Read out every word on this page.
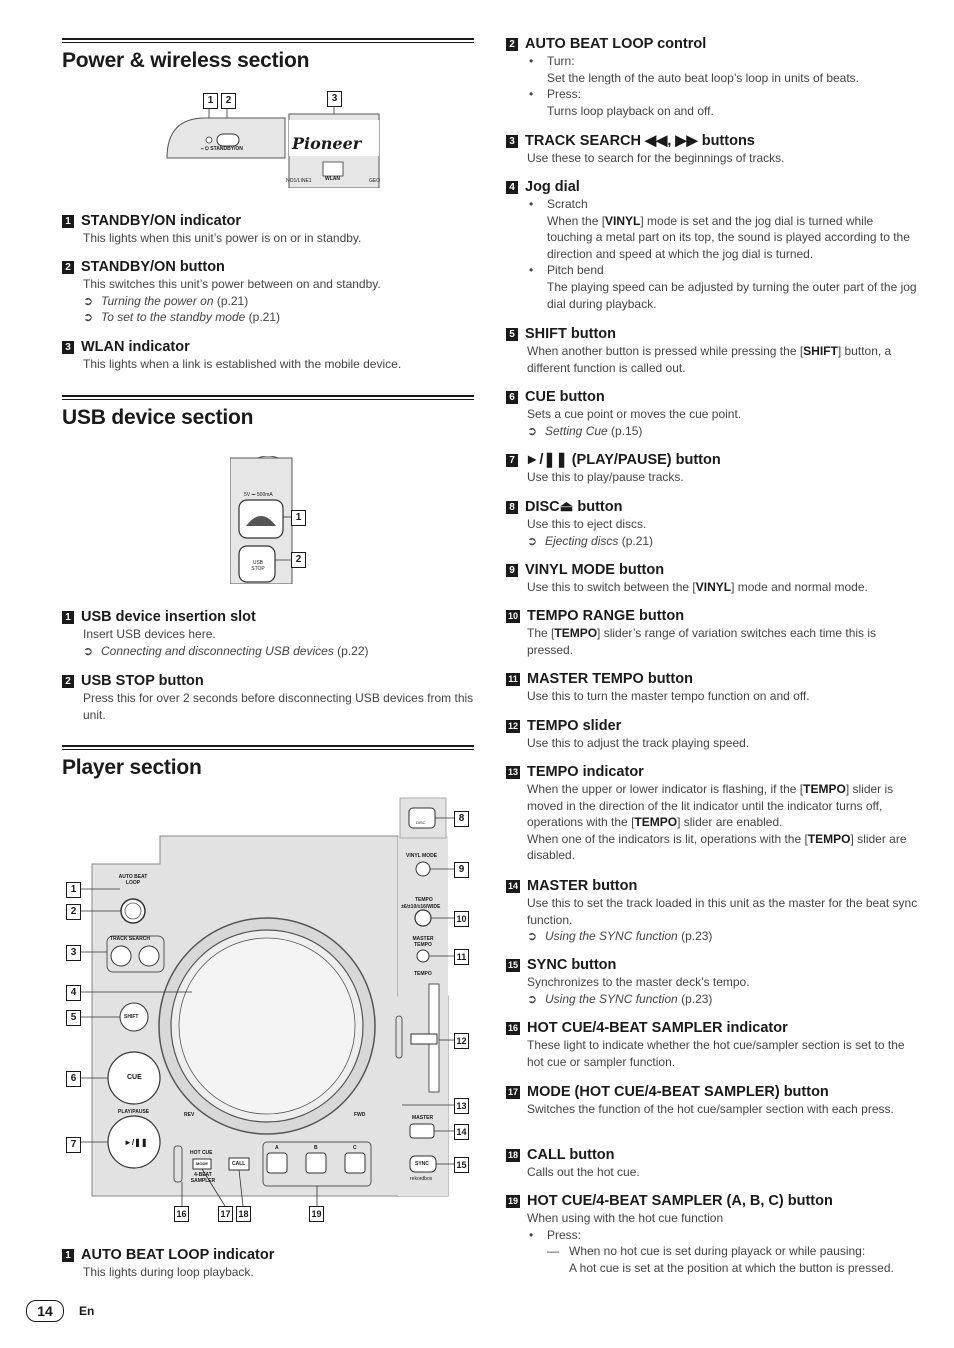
Power & wireless section
1	2	3
⎯ ⏻ STANDBY/ON	Pioneer
WLAN
NO1/LINE1	GEO
1 STANDBY/ON indicator
This lights when this unit’s power is on or in standby.
2 STANDBY/ON button
This switches this unit’s power between on and standby.
➲ Turning the power on (p.21)
➲ To set to the standby mode (p.21)
3 WLAN indicator
This lights when a link is established with the mobile device.
USB device section
5V ⎓ 500mA
USB STOP
1
2
1 USB device insertion slot
Insert USB devices here.
➲ Connecting and disconnecting USB devices (p.22)
2 USB STOP button
Press this for over 2 seconds before disconnecting USB devices from this unit.
Player section
AUTO BEAT LOOP
TRACK SEARCH
SHIFT
CUE
PLAY/PAUSE
►/❚❚
REV	FWD
HOT CUE
MODE
4-BEAT SAMPLER
CALL
A	B	C
VINYL MODE
TEMPO
±6/±10/±16/WIDE
MASTER TEMPO
TEMPO
MASTER
SYNC
rekordbox
DISC
1
2
3
4
5
6
7
8
9
10
11
12
13
14
15
16	17 18	19
1 AUTO BEAT LOOP indicator
This lights during loop playback.
2 AUTO BEAT LOOP control
• Turn:
Set the length of the auto beat loop’s loop in units of beats.
• Press:
Turns loop playback on and off.
3 TRACK SEARCH ◀◀, ▶▶ buttons
Use these to search for the beginnings of tracks.
4 Jog dial
• Scratch
When the [VINYL] mode is set and the jog dial is turned while touching a metal part on its top, the sound is played according to the direction and speed at which the jog dial is turned.
• Pitch bend
The playing speed can be adjusted by turning the outer part of the jog dial during playback.
5 SHIFT button
When another button is pressed while pressing the [SHIFT] button, a different function is called out.
6 CUE button
Sets a cue point or moves the cue point.
➲ Setting Cue (p.15)
7 ►/❚❚ (PLAY/PAUSE) button
Use this to play/pause tracks.
8 DISC⏏ button
Use this to eject discs.
➲ Ejecting discs (p.21)
9 VINYL MODE button
Use this to switch between the [VINYL] mode and normal mode.
10 TEMPO RANGE button
The [TEMPO] slider’s range of variation switches each time this is pressed.
11 MASTER TEMPO button
Use this to turn the master tempo function on and off.
12 TEMPO slider
Use this to adjust the track playing speed.
13 TEMPO indicator
When the upper or lower indicator is flashing, if the [TEMPO] slider is moved in the direction of the lit indicator until the indicator turns off, operations with the [TEMPO] slider are enabled.
When one of the indicators is lit, operations with the [TEMPO] slider are disabled.
14 MASTER button
Use this to set the track loaded in this unit as the master for the beat sync function.
➲ Using the SYNC function (p.23)
15 SYNC button
Synchronizes to the master deck’s tempo.
➲ Using the SYNC function (p.23)
16 HOT CUE/4-BEAT SAMPLER indicator
These light to indicate whether the hot cue/sampler section is set to the hot cue or sampler function.
17 MODE (HOT CUE/4-BEAT SAMPLER) button
Switches the function of the hot cue/sampler section with each press.
18 CALL button
Calls out the hot cue.
19 HOT CUE/4-BEAT SAMPLER (A, B, C) button
When using with the hot cue function
• Press:
— When no hot cue is set during playack or while pausing:
A hot cue is set at the position at which the button is pressed.
14	En
